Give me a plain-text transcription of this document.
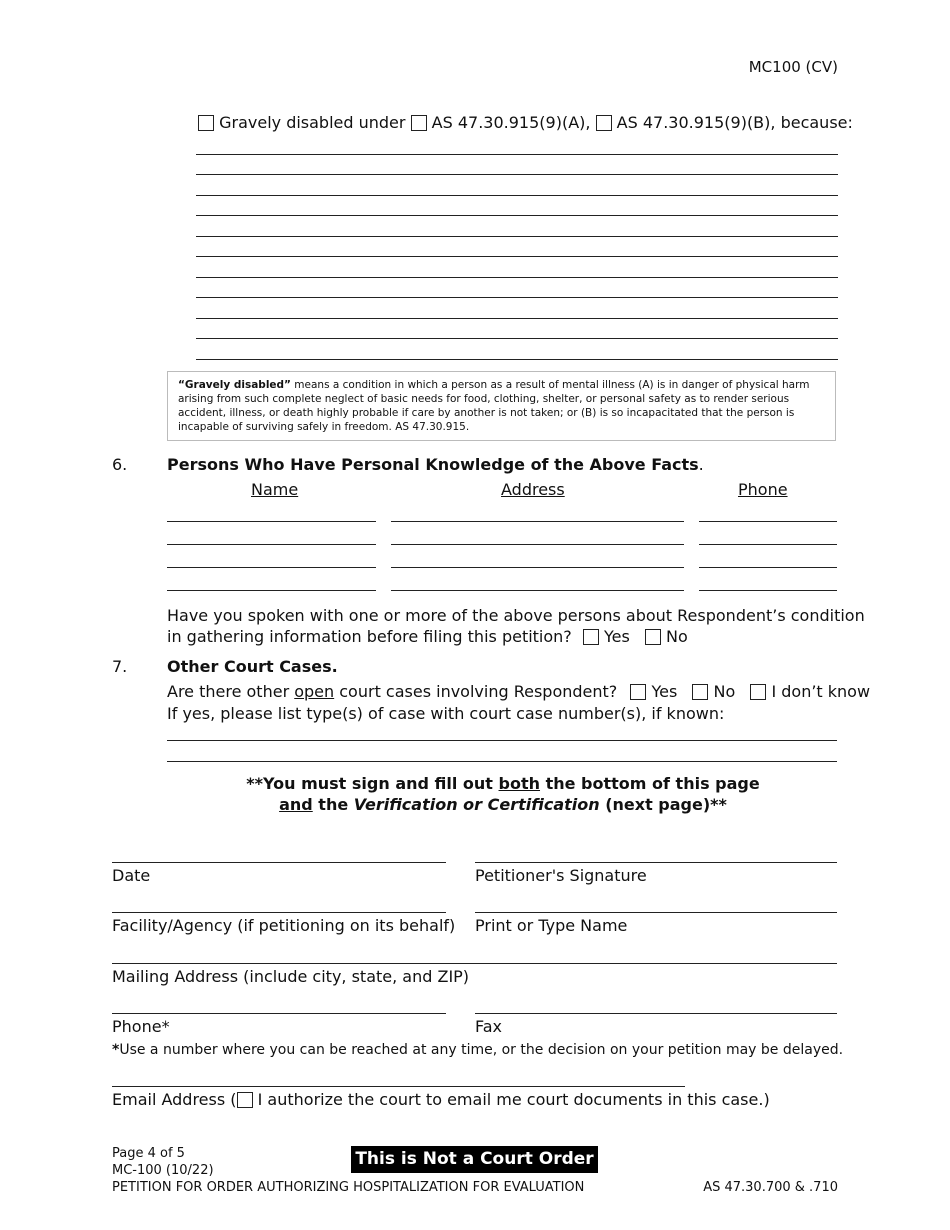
MC100 (CV)
Gravely disabled under AS 47.30.915(9)(A), AS 47.30.915(9)(B), because:
“Gravely disabled” means a condition in which a person as a result of mental illness (A) is in danger of physical harm arising from such complete neglect of basic needs for food, clothing, shelter, or personal safety as to render serious accident, illness, or death highly probable if care by another is not taken; or (B) is so incapacitated that the person is incapable of surviving safely in freedom. AS 47.30.915.
6. Persons Who Have Personal Knowledge of the Above Facts.
Name	Address	Phone
Have you spoken with one or more of the above persons about Respondent’s condition
in gathering information before filing this petition? Yes No
7. Other Court Cases.
Are there other open court cases involving Respondent? Yes No I don’t know
If yes, please list type(s) of case with court case number(s), if known:
**You must sign and fill out both the bottom of this page
and the Verification or Certification (next page)**
Date	Petitioner's Signature
Facility/Agency (if petitioning on its behalf) Print or Type Name
Mailing Address (include city, state, and ZIP)
Phone*	Fax
*Use a number where you can be reached at any time, or the decision on your petition may be delayed.
Email Address ( I authorize the court to email me court documents in this case.)
Page 4 of 5
MC-100 (10/22)
PETITION FOR ORDER AUTHORIZING HOSPITALIZATION FOR EVALUATION	AS 47.30.700 & .710
This is Not a Court Order
